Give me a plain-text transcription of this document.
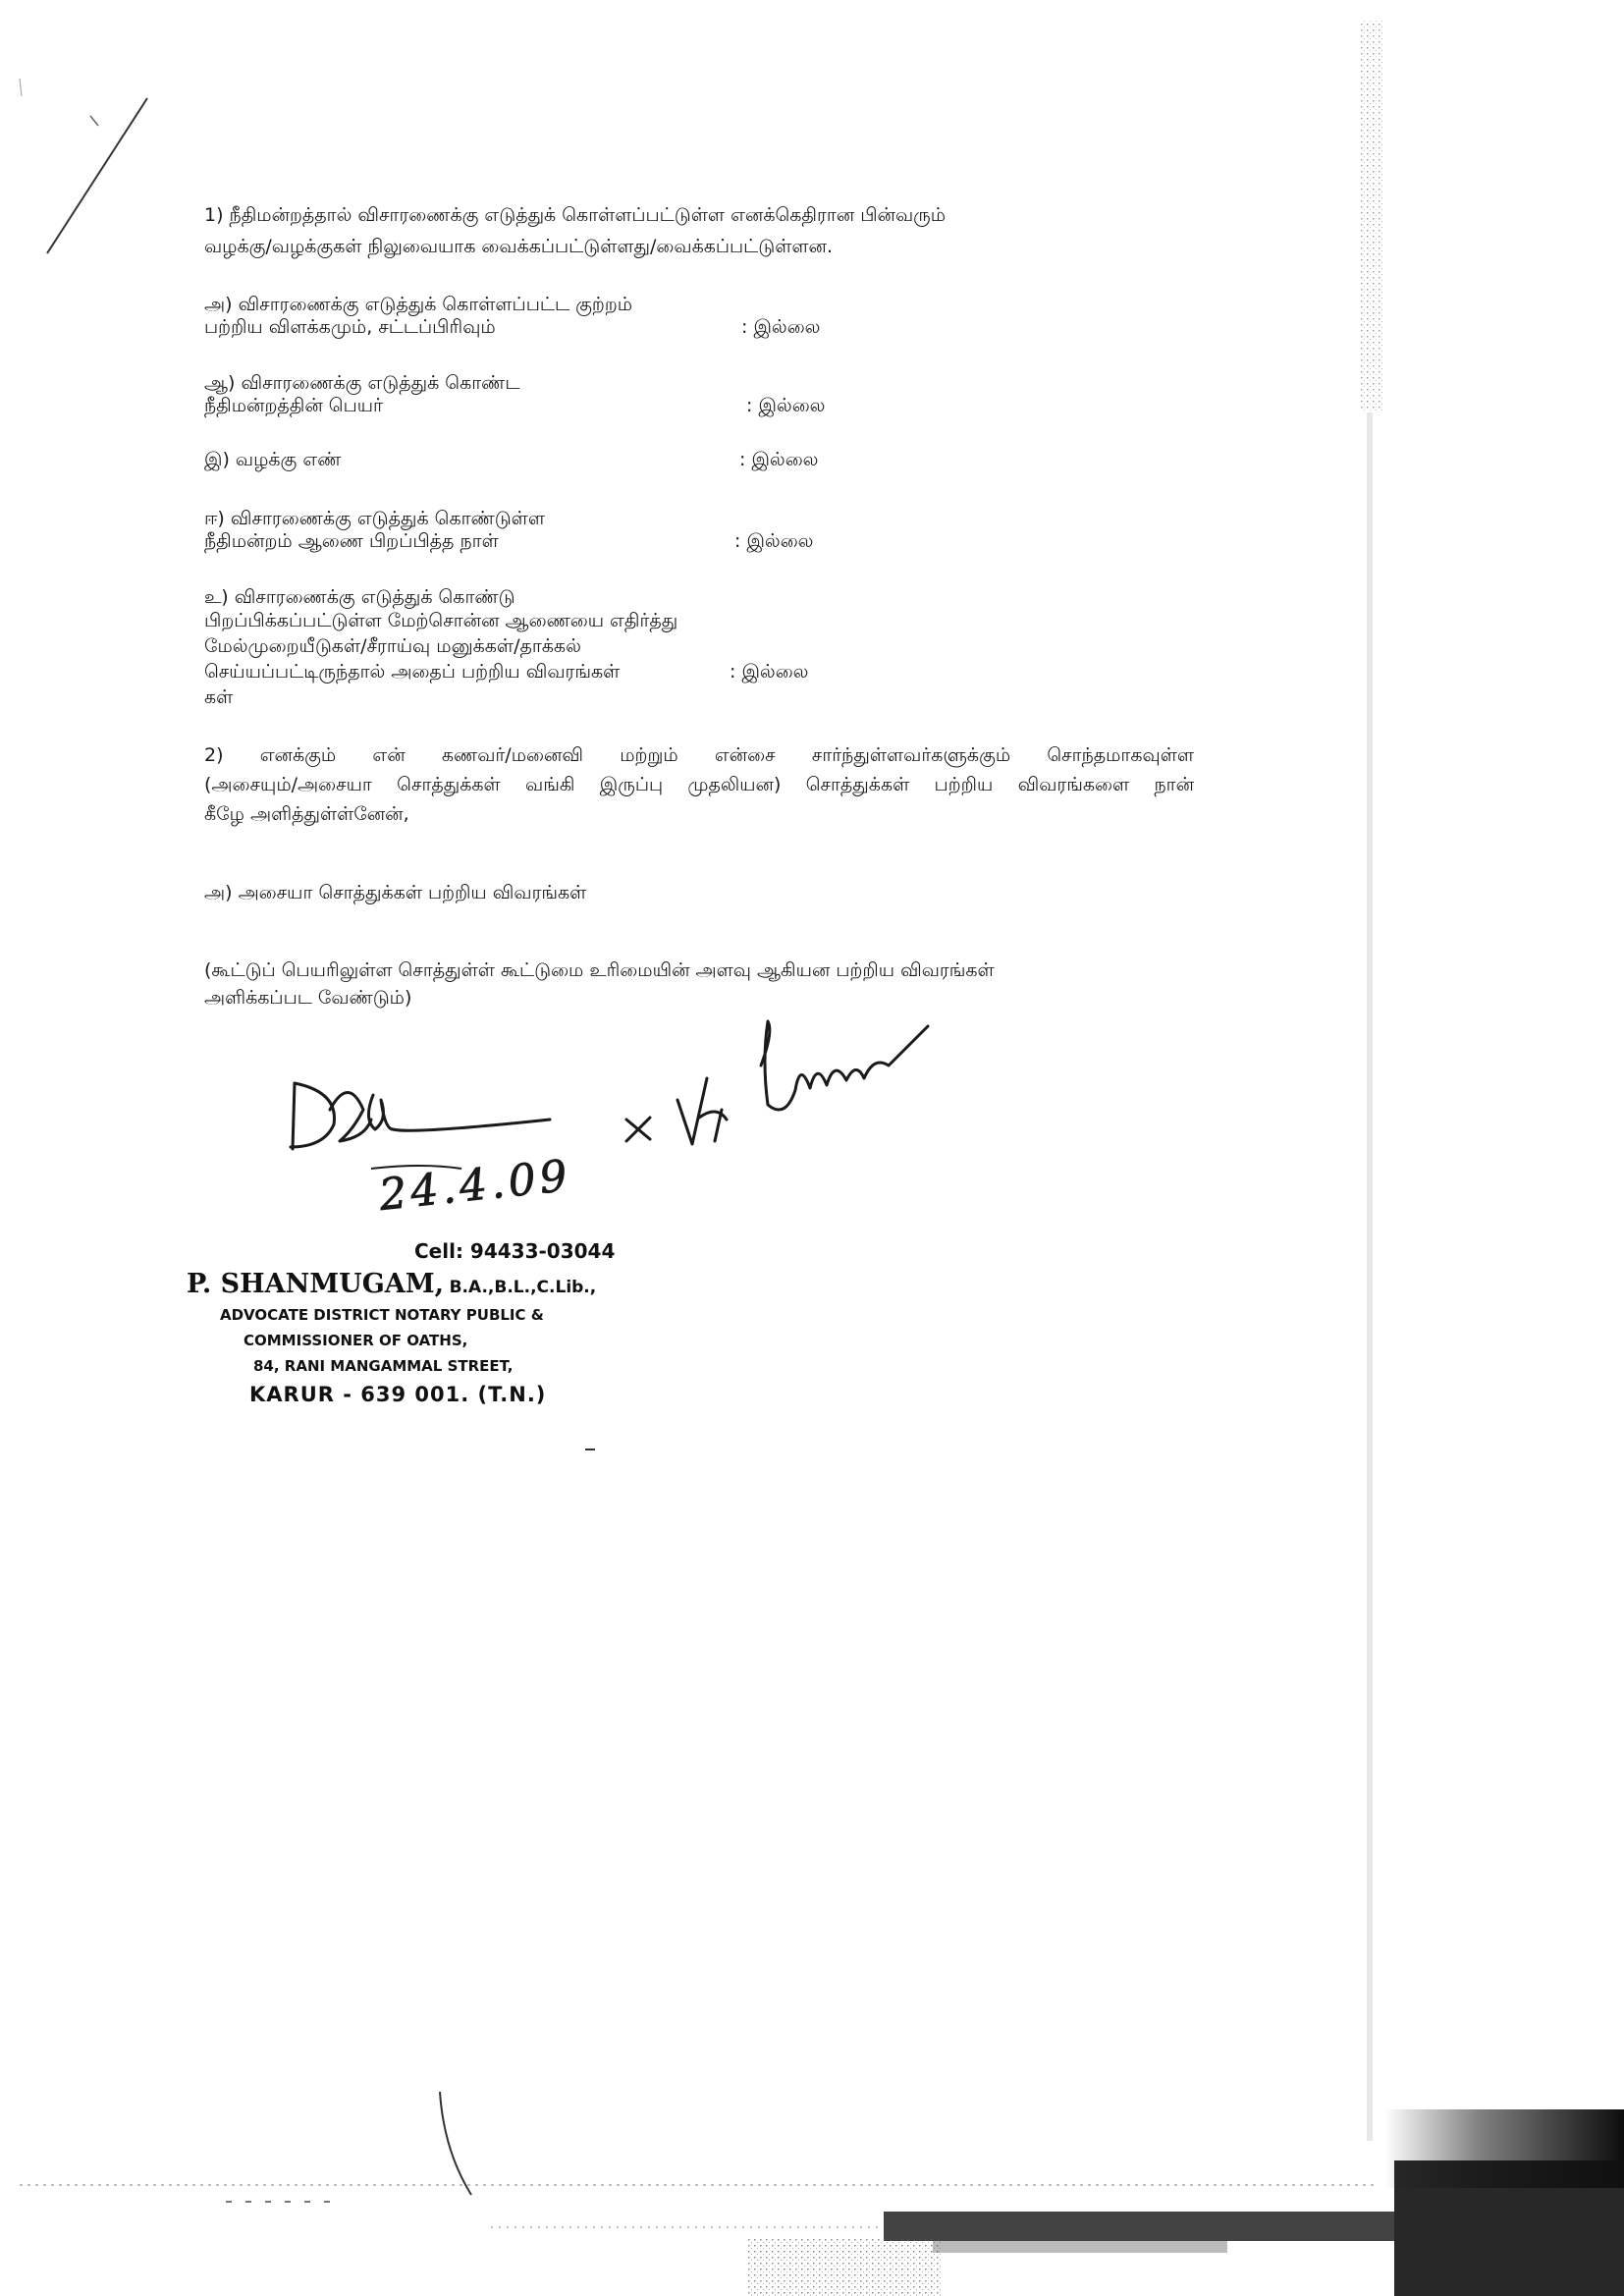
1) நீதிமன்றத்தால் விசாரணைக்கு எடுத்துக் கொள்ளப்பட்டுள்ள எனக்கெதிரான பின்வரும்
வழக்கு/வழக்குகள் நிலுவையாக வைக்கப்பட்டுள்ளது/வைக்கப்பட்டுள்ளன.
அ) விசாரணைக்கு எடுத்துக் கொள்ளப்பட்ட குற்றம்
பற்றிய விளக்கமும், சட்டப்பிரிவும்	: இல்லை
ஆ) விசாரணைக்கு எடுத்துக் கொண்ட
நீதிமன்றத்தின் பெயர்	: இல்லை
இ) வழக்கு எண்	: இல்லை
ஈ) விசாரணைக்கு எடுத்துக் கொண்டுள்ள
நீதிமன்றம் ஆணை பிறப்பித்த நாள்	: இல்லை
உ) விசாரணைக்கு எடுத்துக் கொண்டு
பிறப்பிக்கப்பட்டுள்ள மேற்சொன்ன ஆணையை எதிர்த்து
மேல்முறையீடுகள்/சீராய்வு மனுக்கள்/தாக்கல்
செய்யப்பட்டிருந்தால் அதைப் பற்றிய விவரங்கள்
கள்
: இல்லை
2) எனக்கும் என் கணவர்/மனைவி மற்றும் என்சை சார்ந்துள்ளவர்களுக்கும் சொந்தமாகவுள்ள
(அசையும்/அசையா சொத்துக்கள் வங்கி இருப்பு முதலியன) சொத்துக்கள் பற்றிய விவரங்களை நான்
கீழே அளித்துள்ள்னேன்,
அ) அசையா சொத்துக்கள் பற்றிய விவரங்கள்
(கூட்டுப் பெயரிலுள்ள சொத்துள்ள் கூட்டுமை உரிமையின் அளவு ஆகியன பற்றிய விவரங்கள்
அளிக்கப்பட வேண்டும்)
24.4.09
Cell: 94433-03044
P. SHANMUGAM, B.A.,B.L.,C.Lib.,
ADVOCATE DISTRICT NOTARY PUBLIC &
COMMISSIONER OF OATHS,
84, RANI MANGAMMAL STREET,
KARUR - 639 001. (T.N.)
